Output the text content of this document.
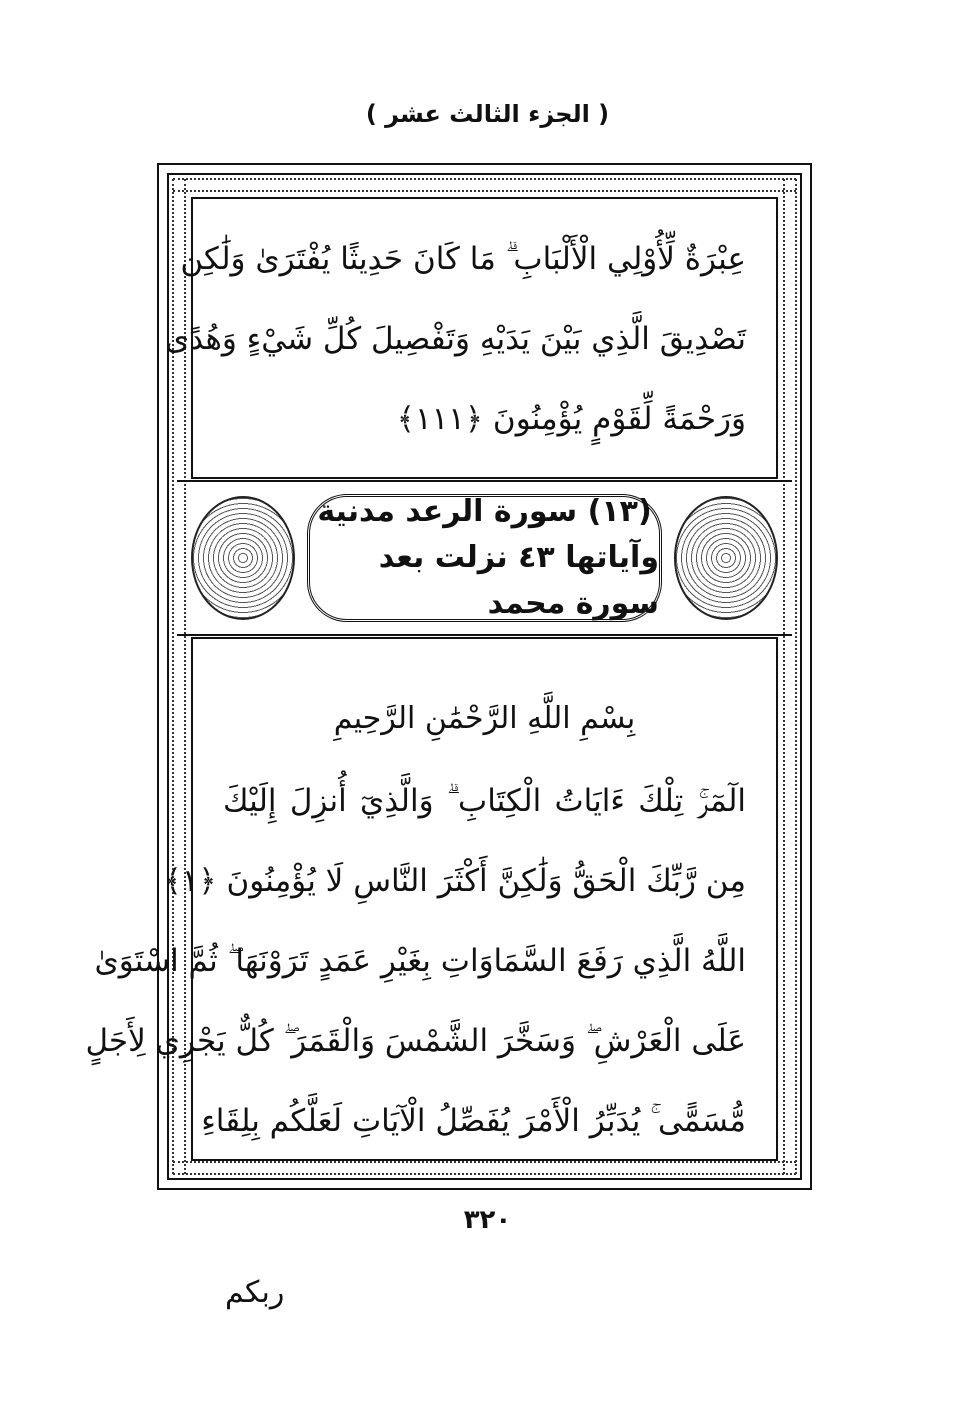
( الجزء الثالث عشر )
عِبْرَةٌ لِّأُوْلِي الْأَلْبَابِ ۗ مَا كَانَ حَدِيثًا يُفْتَرَىٰ وَلَٰكِن
تَصْدِيقَ الَّذِي بَيْنَ يَدَيْهِ وَتَفْصِيلَ كُلِّ شَيْءٍ وَهُدًى
وَرَحْمَةً لِّقَوْمٍ يُؤْمِنُونَ ﴿١١١﴾
(١٣) سورة الرعد مدنية
وآياتها ٤٣ نزلت بعد سورة محمد
بِسْمِ اللَّهِ الرَّحْمَٰنِ الرَّحِيمِ
الٓمٓرۚ تِلْكَ ءَايَاتُ الْكِتَابِ ۗ وَالَّذِيٓ أُنزِلَ إِلَيْكَ
مِن رَّبِّكَ الْحَقُّ وَلَٰكِنَّ أَكْثَرَ النَّاسِ لَا يُؤْمِنُونَ ﴿١﴾
اللَّهُ الَّذِي رَفَعَ السَّمَاوَاتِ بِغَيْرِ عَمَدٍ تَرَوْنَهَا ۖ ثُمَّ اسْتَوَىٰ
عَلَى الْعَرْشِ ۖ وَسَخَّرَ الشَّمْسَ وَالْقَمَرَ ۖ كُلٌّ يَجْرِي لِأَجَلٍ
مُّسَمًّى ۚ يُدَبِّرُ الْأَمْرَ يُفَصِّلُ الْآيَاتِ لَعَلَّكُم بِلِقَاءِ
٣٢٠
ربكم
